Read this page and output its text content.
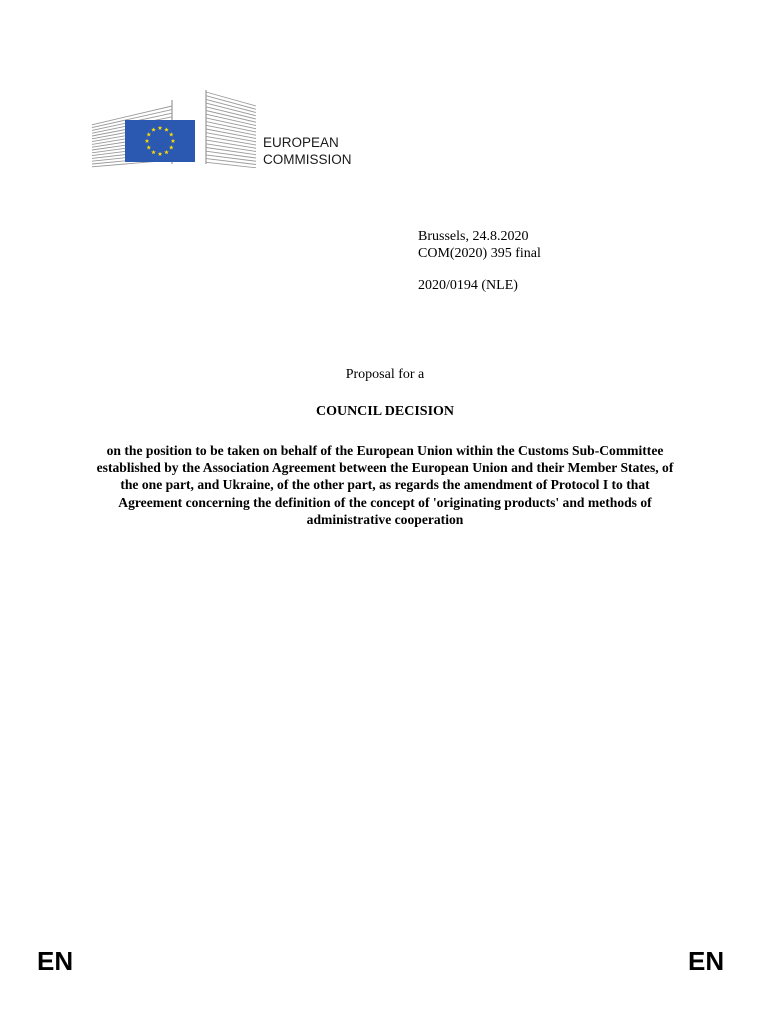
EUROPEAN
COMMISSION
Brussels, 24.8.2020
COM(2020) 395 final
2020/0194 (NLE)
Proposal for a
COUNCIL DECISION
on the position to be taken on behalf of the European Union within the Customs Sub-Committee established by the Association Agreement between the European Union and their Member States, of the one part, and Ukraine, of the other part, as regards the amendment of Protocol I to that Agreement concerning the definition of the concept of 'originating products' and methods of administrative cooperation
EN	EN
